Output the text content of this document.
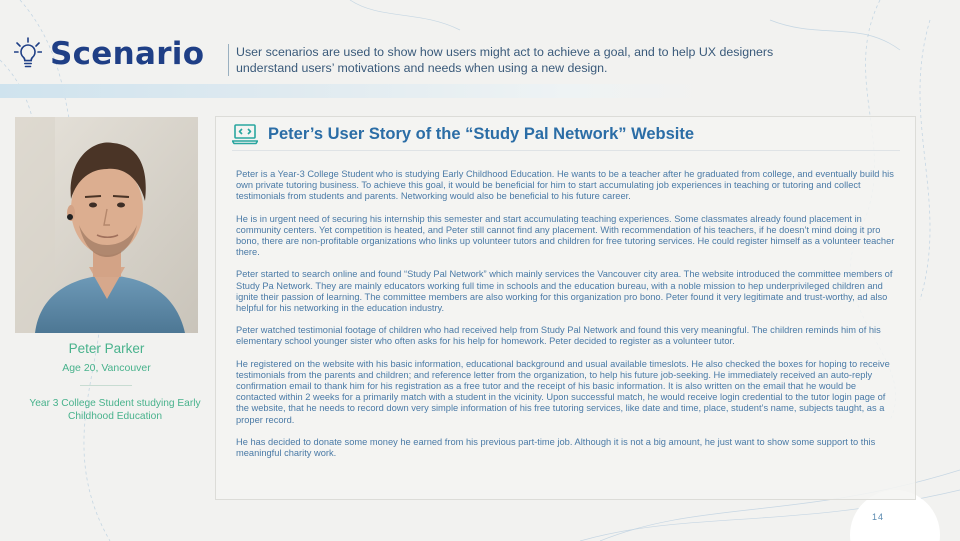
Scenario	User scenarios are used to show how users might act to achieve a goal, and to help UX designers understand users’ motivations and needs when using a new design.

Peter Parker
Age 20, Vancouver
Year 3 College Student studying Early Childhood Education
Peter’s User Story of the “Study Pal Network” Website

Peter is a Year-3 College Student who is studying Early Childhood Education. He wants to be a teacher after he graduated from college, and eventually build his own private tutoring business. To achieve this goal, it would be beneficial for him to start accumulating job experiences in teaching or tutoring and collect testimonials from students and parents. Networking would also be beneficial to his future career.

He is in urgent need of securing his internship this semester and start accumulating teaching experiences. Some classmates already found placement in community centers. Yet competition is heated, and Peter still cannot find any placement. With recommendation of his teachers, if he doesn’t mind doing it pro bono, there are non-profitable organizations who links up volunteer tutors and children for free tutoring services. He could register himself as a volunteer teacher there.

Peter started to search online and found “Study Pal Network” which mainly services the Vancouver city area. The website introduced the committee members of Study Pa Network. They are mainly educators working full time in schools and the education bureau, with a noble mission to hep underprivileged children and ignite their passion of learning. The committee members are also working for this organization pro bono. Peter found it very legitimate and trust-worthy, ad also helpful for his networking in the education industry.

Peter watched testimonial footage of children who had received help from Study Pal Network and found this very meaningful. The children reminds him of his elementary school younger sister who often asks for his help for homework. Peter decided to register as a volunteer tutor.

He registered on the website with his basic information, educational background and usual available timeslots. He also checked the boxes for hoping to receive testimonials from the parents and children; and reference letter from the organization, to help his future job-seeking. He immediately received an auto-reply confirmation email to thank him for his registration as a free tutor and the receipt of his basic information. It is also written on the email that he would be contacted within 2 weeks for a primarily match with a student in the vicinity. Upon successful match, he would receive login credential to the tutor login page of the website, that he needs to record down very simple information of his free tutoring services, like date and time, place, student’s name, subjects taught, as a proper record.

He has decided to donate some money he earned from his previous part-time job. Although it is not a big amount, he just want to show some support to this meaningful charity work.

14
